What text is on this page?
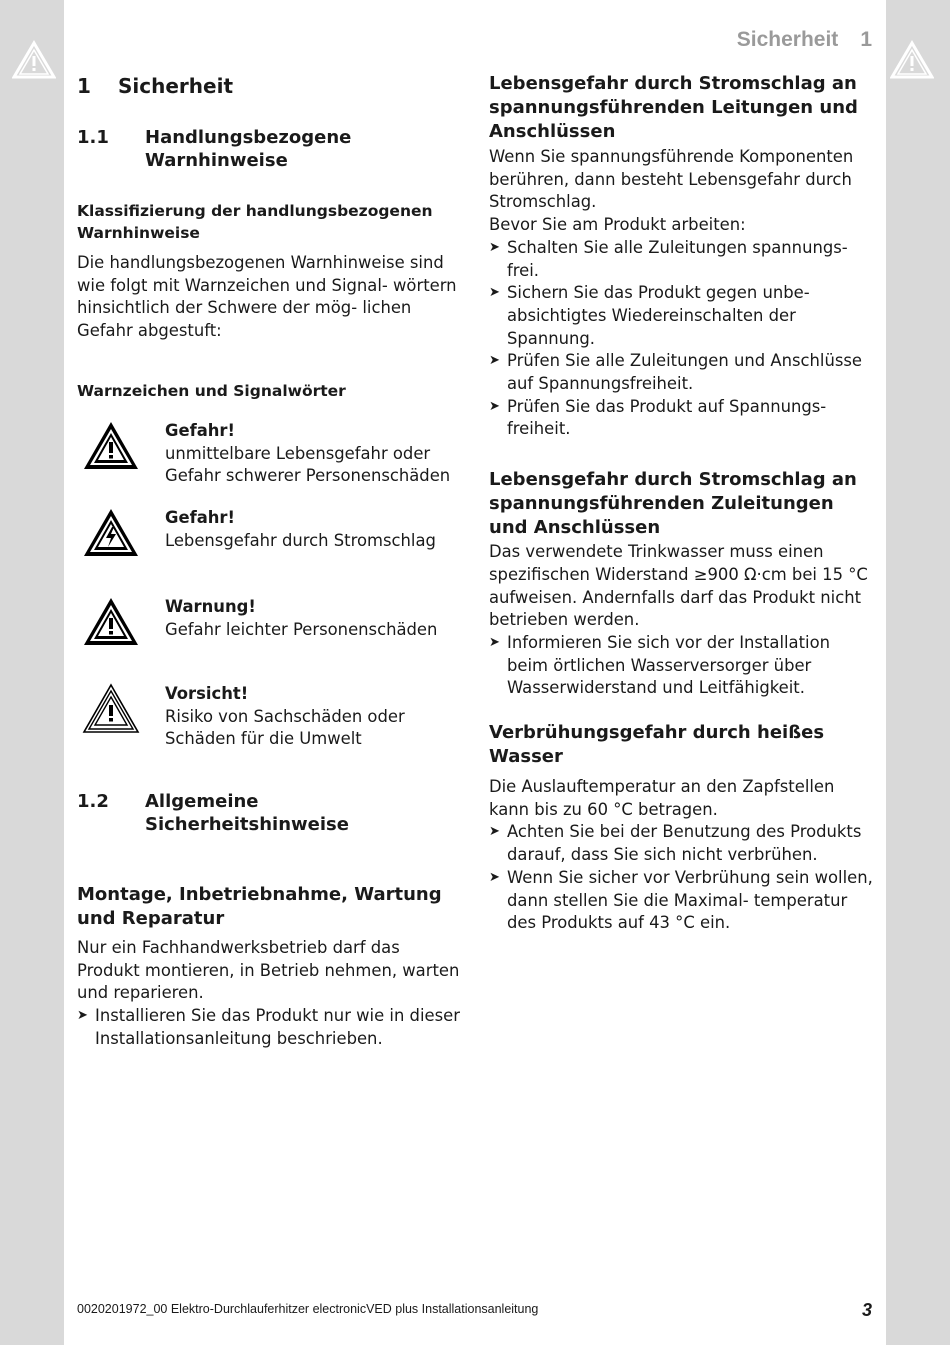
Sicherheit 1
1	Sicherheit
1.1	Handlungsbezogene
Warnhinweise
Klassifizierung der handlungsbezogenen Warnhinweise

Die handlungsbezogenen Warnhinweise sind wie folgt mit Warnzeichen und Signal- wörtern hinsichtlich der Schwere der mög- lichen Gefahr abgestuft:

Warnzeichen und Signalwörter
Gefahr!

unmittelbare Lebensgefahr oder

Gefahr schwerer Personenschäden

Gefahr!

Lebensgefahr durch Stromschlag

Warnung!

Gefahr leichter Personenschäden

Vorsicht!

Risiko von Sachschäden oder

Schäden für die Umwelt

1.2	Allgemeine Sicherheitshinweise
Montage, Inbetriebnahme, Wartung und Reparatur

Nur ein Fachhandwerksbetrieb darf das Produkt montieren, in Betrieb nehmen, warten und reparieren.

➤ Installieren Sie das Produkt nur wie in dieser Installationsanleitung beschrieben.
Lebensgefahr durch Stromschlag an spannungsführenden Leitungen und Anschlüssen

Wenn Sie spannungsführende Komponenten berühren, dann besteht Lebensgefahr durch Stromschlag.

Bevor Sie am Produkt arbeiten:

➤ Schalten Sie alle Zuleitungen spannungs- frei.
➤ Sichern Sie das Produkt gegen unbe- absichtigtes Wiedereinschalten der Spannung.
➤ Prüfen Sie alle Zuleitungen und Anschlüsse auf Spannungsfreiheit.
➤ Prüfen Sie das Produkt auf Spannungs- freiheit.
Lebensgefahr durch Stromschlag an spannungsführenden Zuleitungen und Anschlüssen

Das verwendete Trinkwasser muss einen spezifischen Widerstand ≥900 Ω·cm bei 15 °C aufweisen. Andernfalls darf das Produkt nicht betrieben werden.

➤ Informieren Sie sich vor der Installation beim örtlichen Wasserversorger über Wasserwiderstand und Leitfähigkeit.
Verbrühungsgefahr durch heißes Wasser

Die Auslauftemperatur an den Zapfstellen kann bis zu 60 °C betragen.

➤ Achten Sie bei der Benutzung des Produkts darauf, dass Sie sich nicht verbrühen.
➤ Wenn Sie sicher vor Verbrühung sein wollen, dann stellen Sie die Maximal- temperatur des Produkts auf 43 °C ein.
0020201972_00 Elektro-Durchlauferhitzer electronicVED plus Installationsanleitung	3
